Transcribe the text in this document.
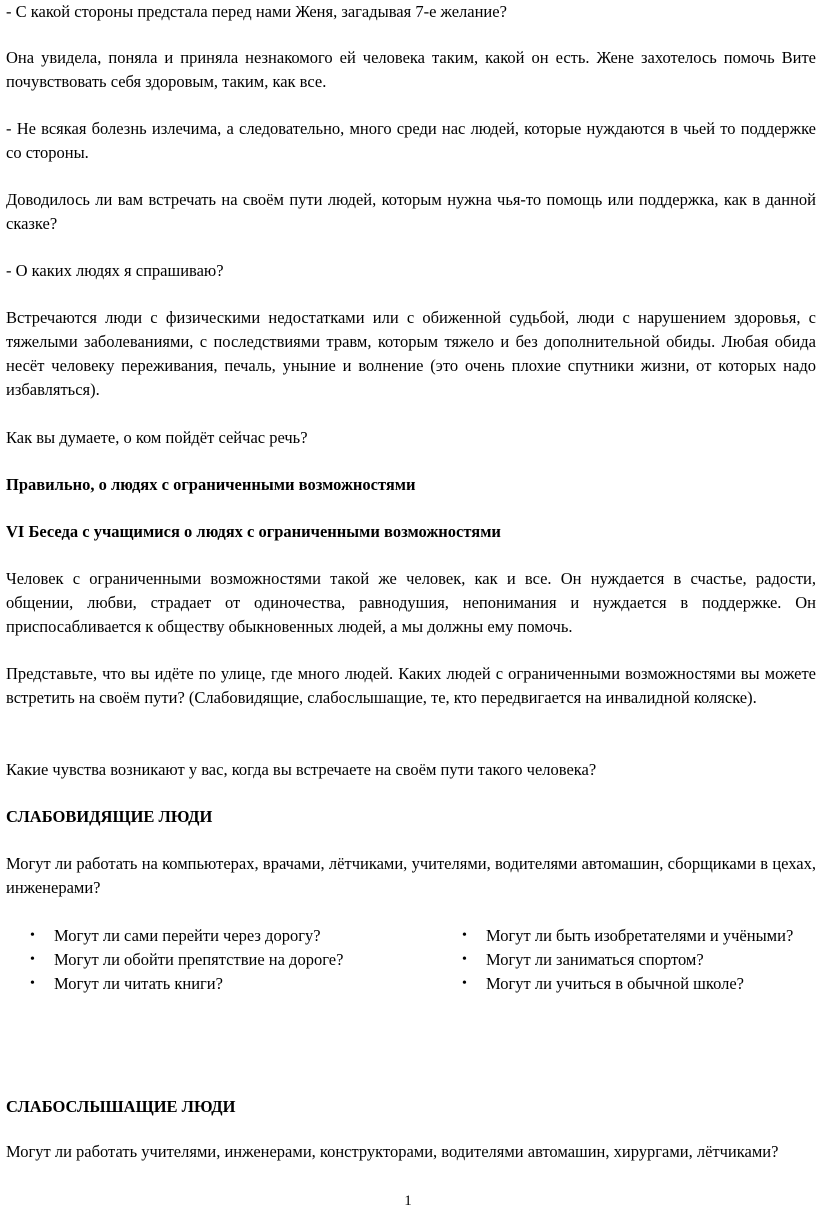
- С какой стороны предстала перед нами Женя, загадывая 7-е желание?

Она увидела, поняла и приняла незнакомого ей человека таким, какой он есть. Жене захотелось помочь Вите почувствовать себя здоровым, таким, как все.

- Не всякая болезнь излечима, а следовательно, много среди нас людей, которые нуждаются в чьей то поддержке со стороны.

Доводилось ли вам встречать на своём пути людей, которым нужна чья-то помощь или поддержка, как в данной сказке?

- О каких людях я спрашиваю?

Встречаются люди с физическими недостатками или с обиженной судьбой, люди с нарушением здоровья, с тяжелыми заболеваниями, с последствиями травм, которым тяжело и без дополнительной обиды. Любая обида несёт человеку переживания, печаль, уныние и волнение (это очень плохие спутники жизни, от которых надо избавляться).

Как вы думаете, о ком пойдёт сейчас речь?

Правильно, о людях с ограниченными возможностями

VI Беседа с учащимися о людях с ограниченными возможностями

Человек с ограниченными возможностями такой же человек, как и все. Он нуждается в счастье, радости, общении, любви, страдает от одиночества, равнодушия, непонимания и нуждается в поддержке. Он приспосабливается к обществу обыкновенных людей, а мы должны ему помочь.

Представьте, что вы идёте по улице, где много людей. Каких людей с ограниченными возможностями вы можете встретить на своём пути? (Слабовидящие, слабослышащие, те, кто передвигается на инвалидной коляске).

Какие чувства возникают у вас, когда вы встречаете на своём пути такого человека?

СЛАБОВИДЯЩИЕ ЛЮДИ

Могут ли работать на компьютерах, врачами, лётчиками, учителями, водителями автомашин, сборщиками в цехах, инженерами?

• Могут ли сами перейти через дорогу?
• Могут ли обойти препятствие на дороге?
• Могут ли читать книги?
• Могут ли быть изобретателями и учёными?
• Могут ли заниматься спортом?
• Могут ли учиться в обычной школе?

СЛАБОСЛЫШАЩИЕ ЛЮДИ

Могут ли работать учителями, инженерами, конструкторами, водителями автомашин, хирургами, лётчиками?

1
